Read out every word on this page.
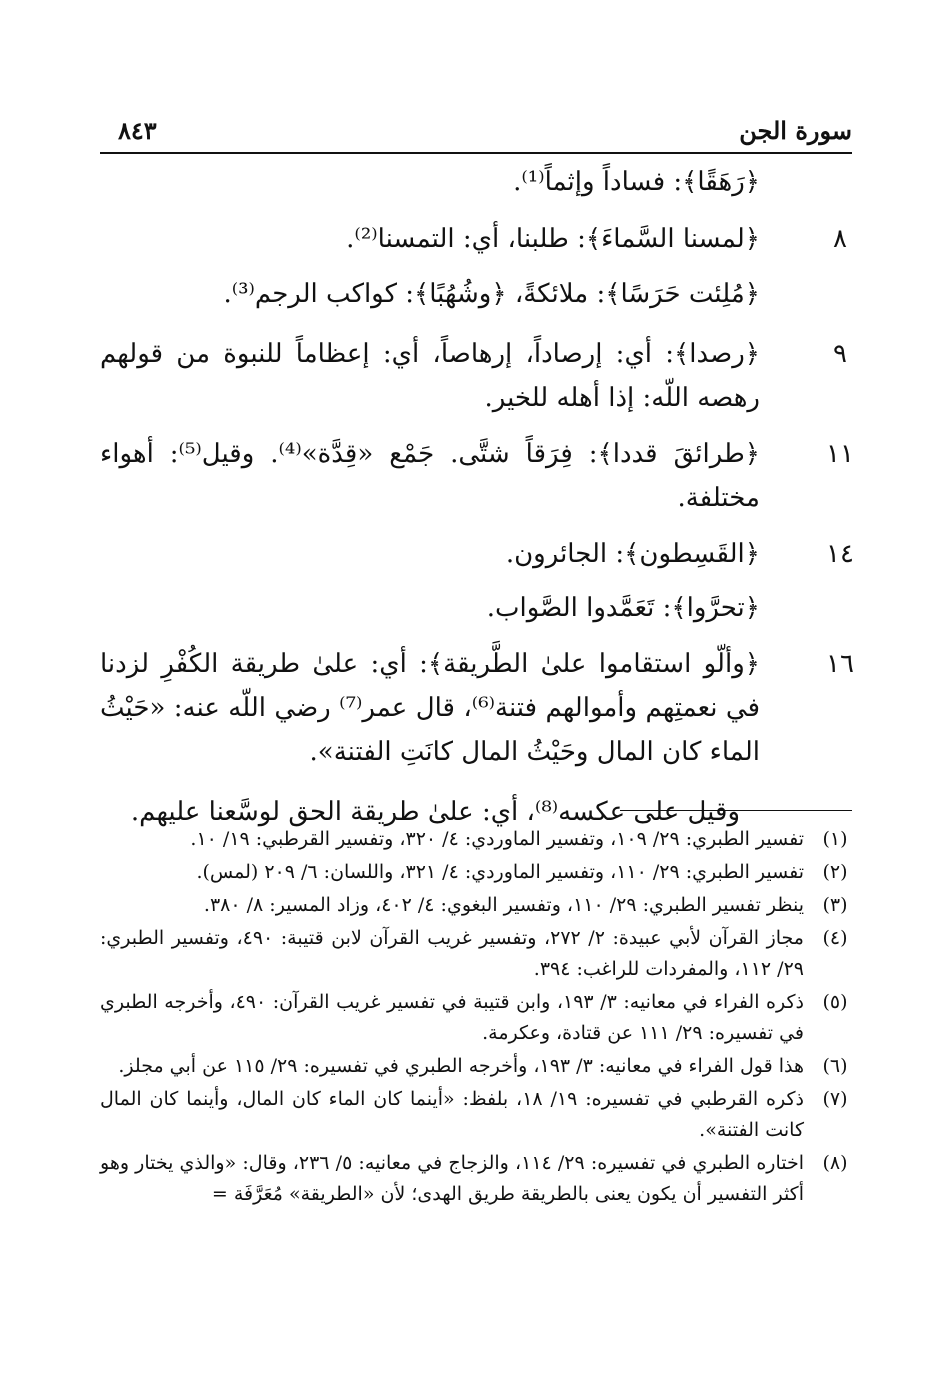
٨٤٣	سورة الجن
﴿رَهَقًا﴾: فساداً وإثماً⁽¹⁾.
٨
﴿لمسنا السَّماءَ﴾: طلبنا، أي: التمسنا⁽²⁾.
﴿مُلِئت حَرَسًا﴾: ملائكةً، ﴿وشُهُبًا﴾: كواكب الرجم⁽³⁾.
٩
﴿رصدا﴾: أي: إرصاداً، إرهاصاً، أي: إعظاماً للنبوة من قولهم رهصه اللّه: إذا أهله للخير.
١١
﴿طرائقَ قددا﴾: فِرَقاً شتَّى. جَمْع «قِدَّة»⁽⁴⁾. وقيل⁽⁵⁾: أهواء مختلفة.
١٤
﴿القَسِطون﴾: الجائرون.
﴿تحرَّوا﴾: تَعَمَّدوا الصَّواب.
١٦
﴿وألّو استقاموا علىٰ الطَّريقة﴾: أي: علىٰ طريقة الكُفْرِ لزدنا في نعمتِهم وأموالهم فتنة⁽⁶⁾، قال عمر⁽⁷⁾ رضي اللّه عنه: «حَيْثُ الماء كان المال وحَيْثُ المال كانَتِ الفتنة».
وقيل على عكسه⁽⁸⁾، أي: علىٰ طريقة الحق لوسَّعنا عليهم.
(١)
تفسير الطبري: ٢٩/ ١٠٩، وتفسير الماوردي: ٤/ ٣٢٠، وتفسير القرطبي: ١٩/ ١٠.
(٢)
تفسير الطبري: ٢٩/ ١١٠، وتفسير الماوردي: ٤/ ٣٢١، واللسان: ٦/ ٢٠٩ (لمس).
(٣)
ينظر تفسير الطبري: ٢٩/ ١١٠، وتفسير البغوي: ٤/ ٤٠٢، وزاد المسير: ٨/ ٣٨٠.
(٤)
مجاز القرآن لأبي عبيدة: ٢/ ٢٧٢، وتفسير غريب القرآن لابن قتيبة: ٤٩٠، وتفسير الطبري: ٢٩/ ١١٢، والمفردات للراغب: ٣٩٤.
(٥)
ذكره الفراء في معانيه: ٣/ ١٩٣، وابن قتيبة في تفسير غريب القرآن: ٤٩٠، وأخرجه الطبري في تفسيره: ٢٩/ ١١١ عن قتادة، وعكرمة.
(٦)
هذا قول الفراء في معانيه: ٣/ ١٩٣، وأخرجه الطبري في تفسيره: ٢٩/ ١١٥ عن أبي مجلز.
(٧)
ذكره القرطبي في تفسيره: ١٩/ ١٨، بلفظ: «أينما كان الماء كان المال، وأينما كان المال كانت الفتنة».
(٨)
اختاره الطبري في تفسيره: ٢٩/ ١١٤، والزجاج في معانيه: ٥/ ٢٣٦، وقال: «والذي يختار وهو أكثر التفسير أن يكون يعنى بالطريقة طريق الهدى؛ لأن «الطريقة» مُعَرَّفَة =
